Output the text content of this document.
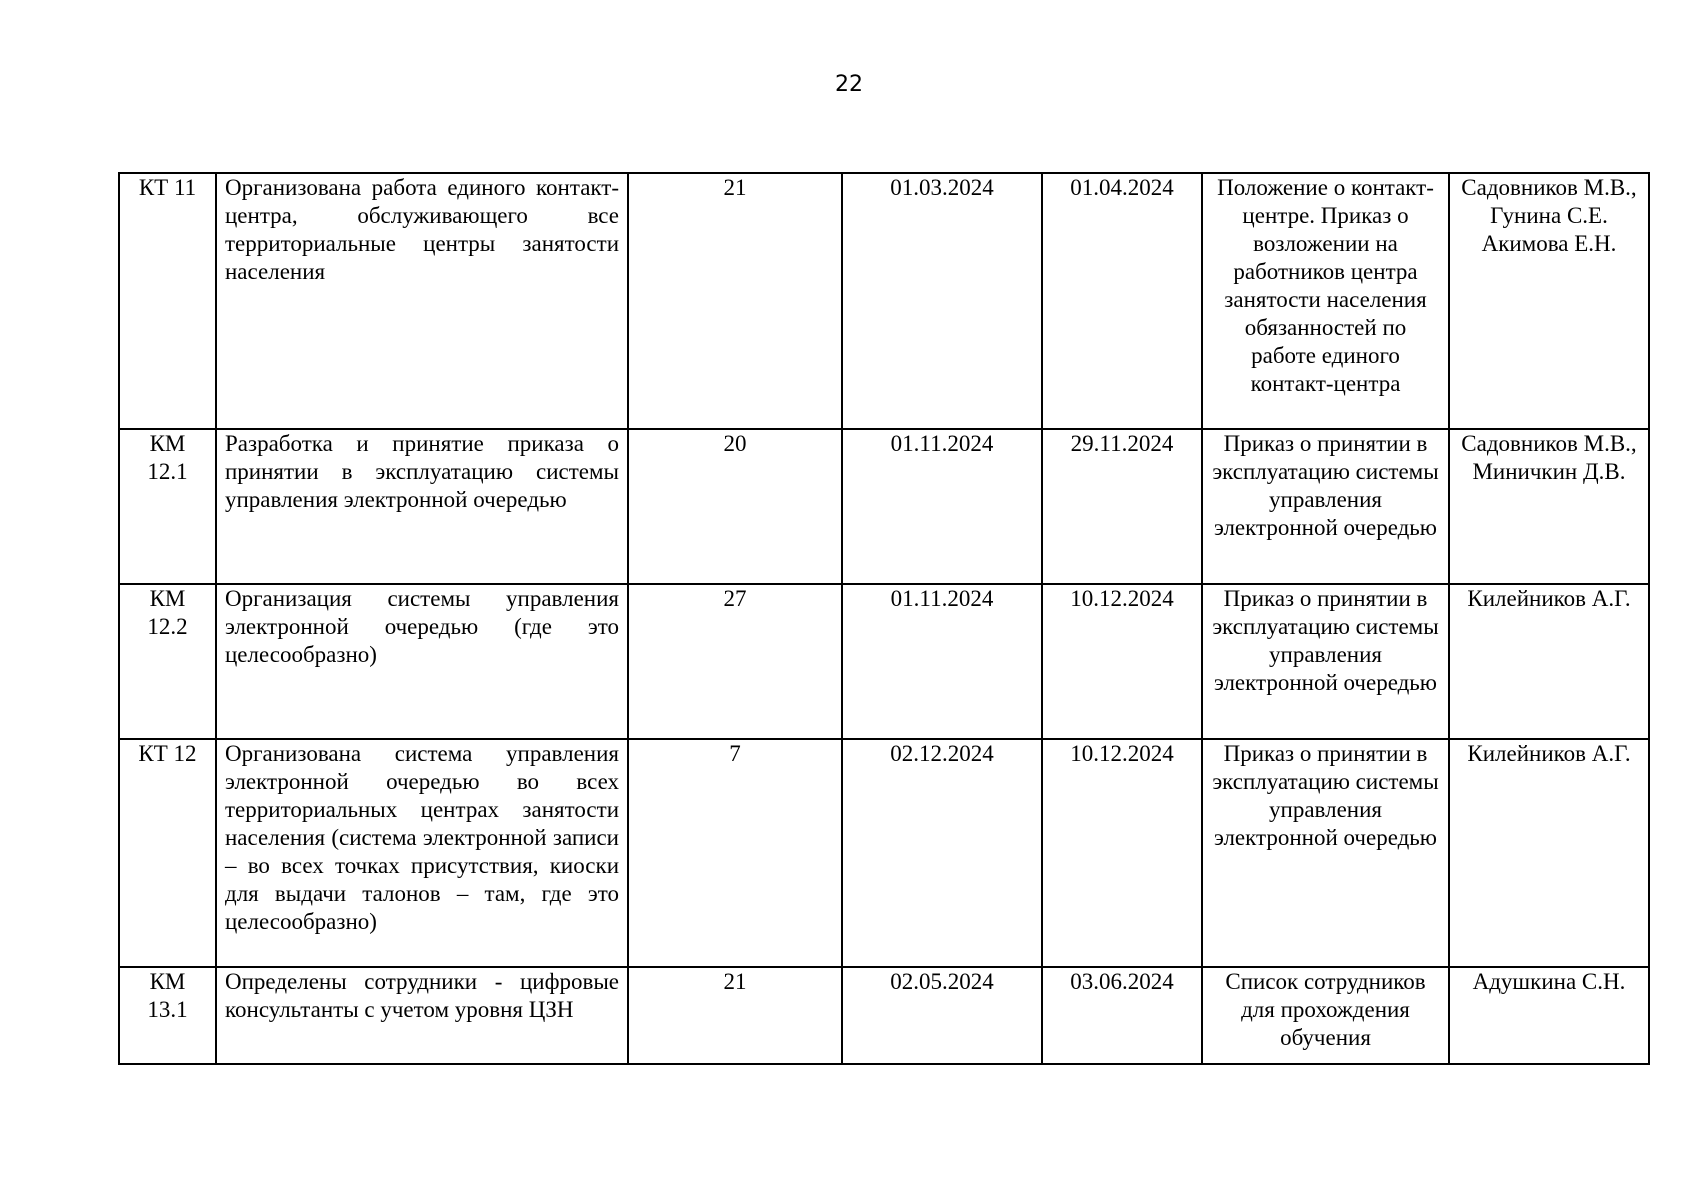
22
КТ 11	Организована работа единого контакт-центра, обслуживающего все территориальные центры занятости населения	21	01.03.2024	01.04.2024	Положение о контакт-центре. Приказ о возложении на работников центра занятости населения обязанностей по работе единого контакт-центра	Садовников М.В., Гунина С.Е. Акимова Е.Н.
КМ 12.1	Разработка и принятие приказа о принятии в эксплуатацию системы управления электронной очередью	20	01.11.2024	29.11.2024	Приказ о принятии в эксплуатацию системы управления электронной очередью	Садовников М.В., Миничкин Д.В.
КМ 12.2	Организация системы управления электронной очередью (где это целесообразно)	27	01.11.2024	10.12.2024	Приказ о принятии в эксплуатацию системы управления электронной очередью	Килейников А.Г.
КТ 12	Организована система управления электронной очередью во всех территориальных центрах занятости населения (система электронной записи – во всех точках присутствия, киоски для выдачи талонов – там, где это целесообразно)	7	02.12.2024	10.12.2024	Приказ о принятии в эксплуатацию системы управления электронной очередью	Килейников А.Г.
КМ 13.1	Определены сотрудники - цифровые консультанты с учетом уровня ЦЗН	21	02.05.2024	03.06.2024	Список сотрудников для прохождения обучения	Адушкина С.Н.
